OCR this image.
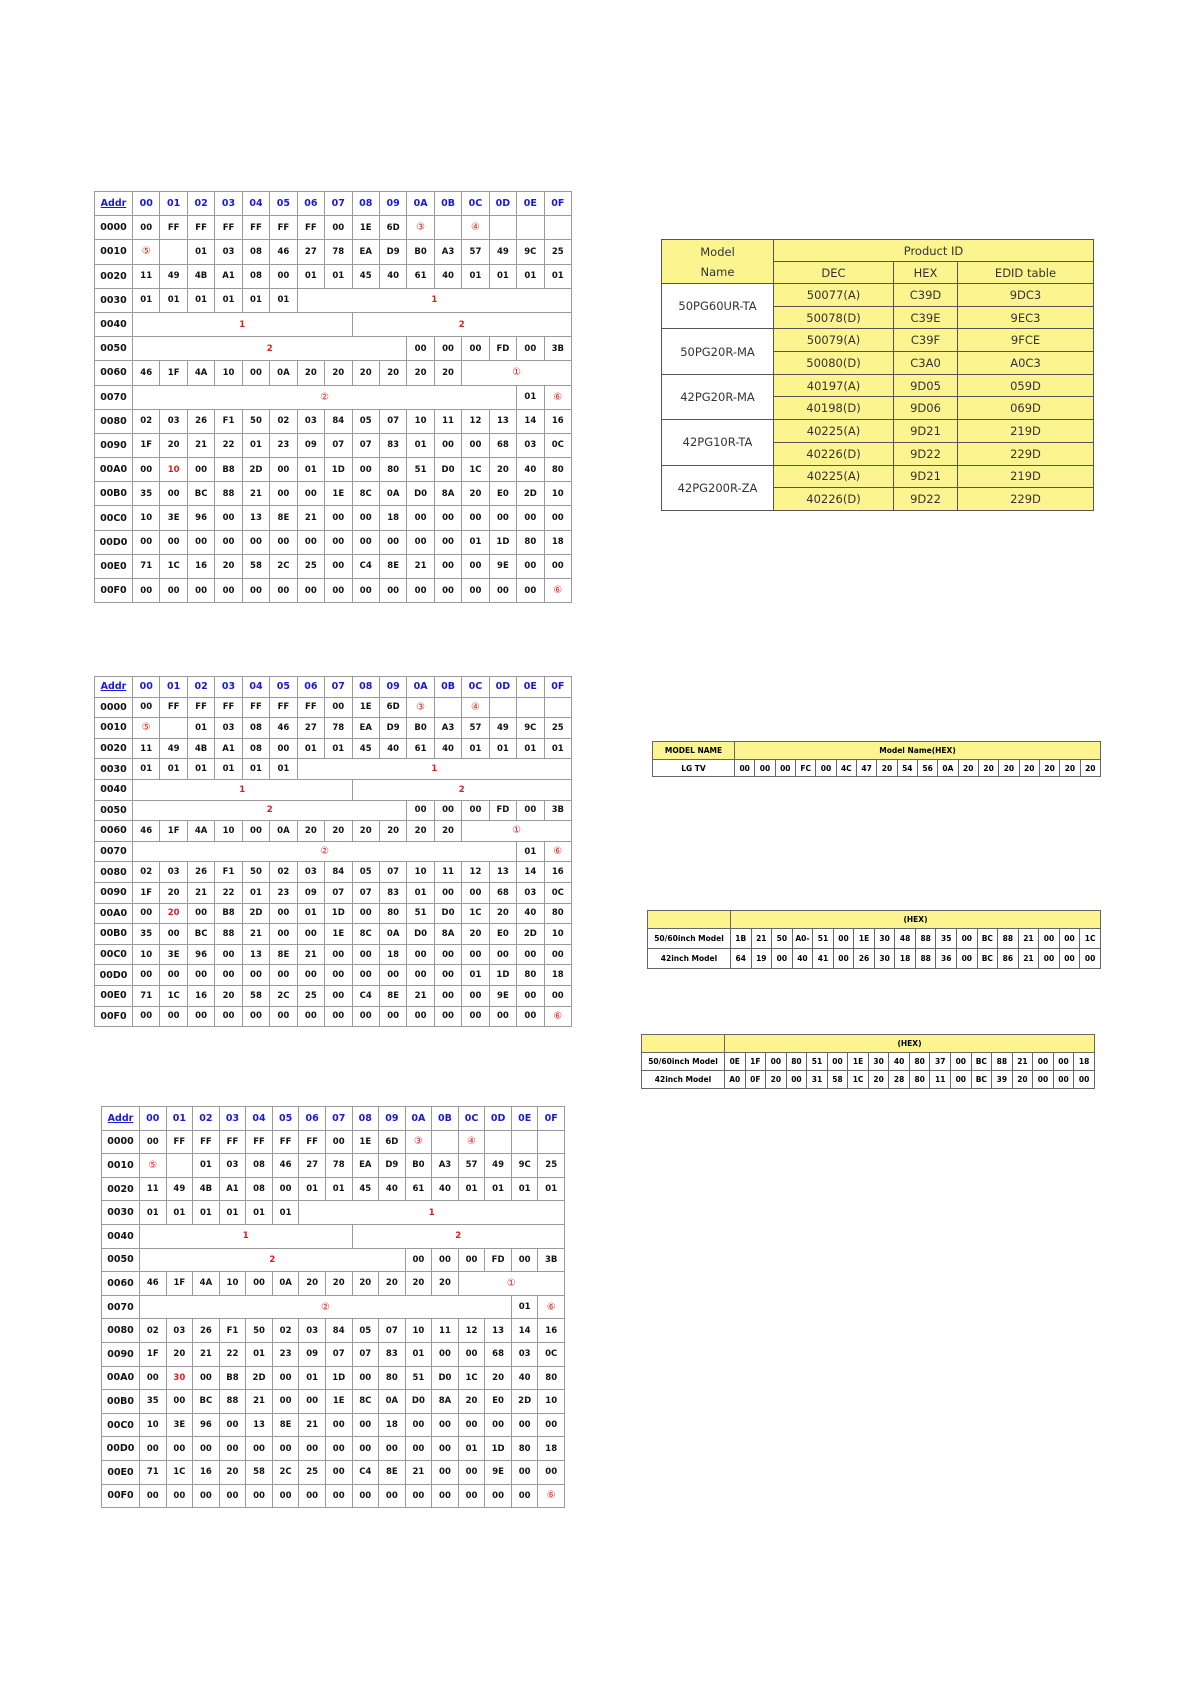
Addr	00	01	02	03	04	05	06	07	08	09	0A	0B	0C	0D	0E	0F
0000	00	FF	FF	FF	FF	FF	FF	00	1E	6D	③		④			
0010	⑤		01	03	08	46	27	78	EA	D9	B0	A3	57	49	9C	25
0020	11	49	4B	A1	08	00	01	01	45	40	61	40	01	01	01	01
0030	01	01	01	01	01	01	1									
0040	1								2							
0050	2										00	00	00	FD	00	3B
0060	46	1F	4A	10	00	0A	20	20	20	20	20	20	①			
0070	②														01	⑥
0080	02	03	26	F1	50	02	03	84	05	07	10	11	12	13	14	16
0090	1F	20	21	22	01	23	09	07	07	83	01	00	00	68	03	0C
00A0	00	10	00	B8	2D	00	01	1D	00	80	51	D0	1C	20	40	80
00B0	35	00	BC	88	21	00	00	1E	8C	0A	D0	8A	20	E0	2D	10
00C0	10	3E	96	00	13	8E	21	00	00	18	00	00	00	00	00	00
00D0	00	00	00	00	00	00	00	00	00	00	00	00	01	1D	80	18
00E0	71	1C	16	20	58	2C	25	00	C4	8E	21	00	00	9E	00	00
00F0	00	00	00	00	00	00	00	00	00	00	00	00	00	00	00	⑥
Addr	00	01	02	03	04	05	06	07	08	09	0A	0B	0C	0D	0E	0F
0000	00	FF	FF	FF	FF	FF	FF	00	1E	6D	③		④			
0010	⑤		01	03	08	46	27	78	EA	D9	B0	A3	57	49	9C	25
0020	11	49	4B	A1	08	00	01	01	45	40	61	40	01	01	01	01
0030	01	01	01	01	01	01	1									
0040	1								2							
0050	2										00	00	00	FD	00	3B
0060	46	1F	4A	10	00	0A	20	20	20	20	20	20	①			
0070	②														01	⑥
0080	02	03	26	F1	50	02	03	84	05	07	10	11	12	13	14	16
0090	1F	20	21	22	01	23	09	07	07	83	01	00	00	68	03	0C
00A0	00	20	00	B8	2D	00	01	1D	00	80	51	D0	1C	20	40	80
00B0	35	00	BC	88	21	00	00	1E	8C	0A	D0	8A	20	E0	2D	10
00C0	10	3E	96	00	13	8E	21	00	00	18	00	00	00	00	00	00
00D0	00	00	00	00	00	00	00	00	00	00	00	00	01	1D	80	18
00E0	71	1C	16	20	58	2C	25	00	C4	8E	21	00	00	9E	00	00
00F0	00	00	00	00	00	00	00	00	00	00	00	00	00	00	00	⑥
Addr	00	01	02	03	04	05	06	07	08	09	0A	0B	0C	0D	0E	0F
0000	00	FF	FF	FF	FF	FF	FF	00	1E	6D	③		④			
0010	⑤		01	03	08	46	27	78	EA	D9	B0	A3	57	49	9C	25
0020	11	49	4B	A1	08	00	01	01	45	40	61	40	01	01	01	01
0030	01	01	01	01	01	01	1									
0040	1								2							
0050	2										00	00	00	FD	00	3B
0060	46	1F	4A	10	00	0A	20	20	20	20	20	20	①			
0070	②														01	⑥
0080	02	03	26	F1	50	02	03	84	05	07	10	11	12	13	14	16
0090	1F	20	21	22	01	23	09	07	07	83	01	00	00	68	03	0C
00A0	00	30	00	B8	2D	00	01	1D	00	80	51	D0	1C	20	40	80
00B0	35	00	BC	88	21	00	00	1E	8C	0A	D0	8A	20	E0	2D	10
00C0	10	3E	96	00	13	8E	21	00	00	18	00	00	00	00	00	00
00D0	00	00	00	00	00	00	00	00	00	00	00	00	01	1D	80	18
00E0	71	1C	16	20	58	2C	25	00	C4	8E	21	00	00	9E	00	00
00F0	00	00	00	00	00	00	00	00	00	00	00	00	00	00	00	⑥
Model
Name	Product ID		
	DEC	HEX	EDID table
50PG60UR-TA	50077(A)	C39D	9DC3
	50078(D)	C39E	9EC3
50PG20R-MA	50079(A)	C39F	9FCE
	50080(D)	C3A0	A0C3
42PG20R-MA	40197(A)	9D05	059D
	40198(D)	9D06	069D
42PG10R-TA	40225(A)	9D21	219D
	40226(D)	9D22	229D
42PG200R-ZA	40225(A)	9D21	219D
	40226(D)	9D22	229D
MODEL NAME	Model Name(HEX)																	
LG TV	00	00	00	FC	00	4C	47	20	54	56	0A	20	20	20	20	20	20	20
	(HEX)																	
50/60inch Model	1B	21	50	A0-	51	00	1E	30	48	88	35	00	BC	88	21	00	00	1C
42inch Model	64	19	00	40	41	00	26	30	18	88	36	00	BC	86	21	00	00	00
	(HEX)																	
50/60inch Model	0E	1F	00	80	51	00	1E	30	40	80	37	00	BC	88	21	00	00	18
42inch Model	A0	0F	20	00	31	58	1C	20	28	80	11	00	BC	39	20	00	00	00
